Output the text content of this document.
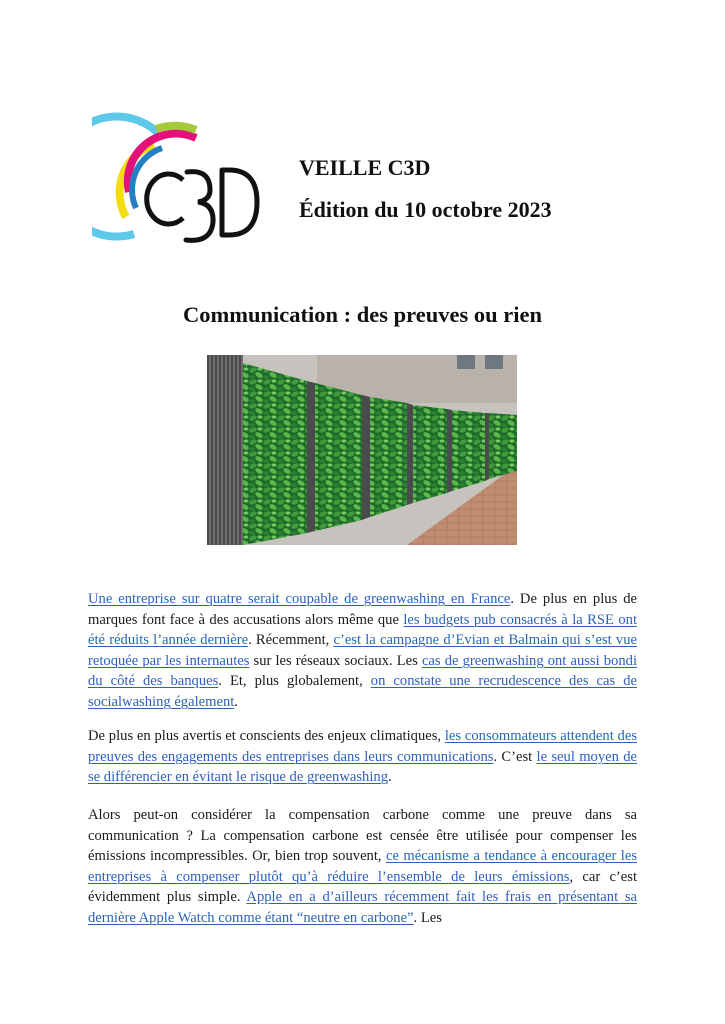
VEILLE C3D
Édition du 10 octobre 2023
Communication : des preuves ou rien
Une entreprise sur quatre serait coupable de greenwashing en France. De plus en plus de marques font face à des accusations alors même que les budgets pub consacrés à la RSE ont été réduits l’année dernière. Récemment, c’est la campagne d’Evian et Balmain qui s’est vue retoquée par les internautes sur les réseaux sociaux. Les cas de greenwashing ont aussi bondi du côté des banques. Et, plus globalement, on constate une recrudescence des cas de socialwashing également.
De plus en plus avertis et conscients des enjeux climatiques, les consommateurs attendent des preuves des engagements des entreprises dans leurs communications. C’est le seul moyen de se différencier en évitant le risque de greenwashing.
Alors peut-on considérer la compensation carbone comme une preuve dans sa communication ? La compensation carbone est censée être utilisée pour compenser les émissions incompressibles. Or, bien trop souvent, ce mécanisme a tendance à encourager les entreprises à compenser plutôt qu’à réduire l’ensemble de leurs émissions, car c’est évidemment plus simple. Apple en a d’ailleurs récemment fait les frais en présentant sa dernière Apple Watch comme étant “neutre en carbone”. Les
